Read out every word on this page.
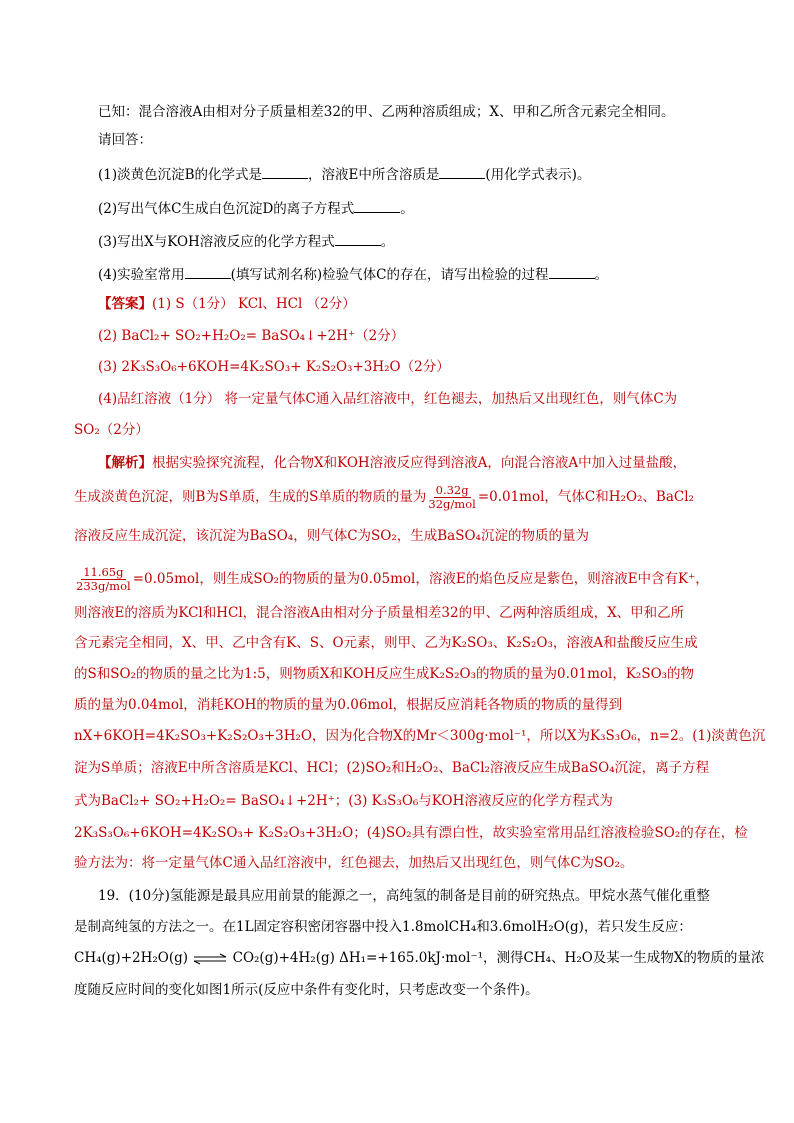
已知：混合溶液A由相对分子质量相差32的甲、乙两种溶质组成；X、甲和乙所含元素完全相同。
请回答：
(1)淡黄色沉淀B的化学式是	，溶液E中所含溶质是	(用化学式表示)。
(2)写出气体C生成白色沉淀D的离子方程式	。
(3)写出X与KOH溶液反应的化学方程式	。
(4)实验室常用	(填写试剂名称)检验气体C的存在，请写出检验的过程	。
【答案】(1) S（1分） KCl、HCl （2分）
(2) BaCl₂+ SO₂+H₂O₂= BaSO₄↓+2H⁺（2分）
(3) 2K₃S₃O₆+6KOH=4K₂SO₃+ K₂S₂O₃+3H₂O（2分）
(4)品红溶液（1分） 将一定量气体C通入品红溶液中，红色褪去，加热后又出现红色，则气体C为
SO₂（2分）
【解析】根据实验探究流程，化合物X和KOH溶液反应得到溶液A，向混合溶液A中加入过量盐酸，
生成淡黄色沉淀，则B为S单质，生成的S单质的物质的量为 $\frac{0.32g}{\text{32g/mol}} =0.01mol$，气体C和H₂O₂、BaCl₂
溶液反应生成沉淀，该沉淀为BaSO₄，则气体C为SO₂，生成BaSO₄沉淀的物质的量为
$\frac{11.65g}{\text{233g/mol}} =0.05mol$，则生成SO₂的物质的量为0.05mol，溶液E的焰色反应是紫色，则溶液E中含有K⁺，
则溶液E的溶质为KCl和HCl，混合溶液A由相对分子质量相差32的甲、乙两种溶质组成，X、甲和乙所
含元素完全相同，X、甲、乙中含有K、S、O元素，则甲、乙为K₂SO₃、K₂S₂O₃，溶液A和盐酸反应生成
的S和SO₂的物质的量之比为1:5，则物质X和KOH反应生成K₂S₂O₃的物质的量为0.01mol，K₂SO₃的物
质的量为0.04mol，消耗KOH的物质的量为0.06mol，根据反应消耗各物质的物质的量得到
nX+6KOH=4K₂SO₃+K₂S₂O₃+3H₂O，因为化合物X的Mr＜300g·mol⁻¹，所以X为K₃S₃O₆，n=2。(1)淡黄色沉
淀为S单质；溶液E中所含溶质是KCl、HCl；(2)SO₂和H₂O₂、BaCl₂溶液反应生成BaSO₄沉淀，离子方程
式为BaCl₂+ SO₂+H₂O₂= BaSO₄↓+2H⁺；(3) K₃S₃O₆与KOH溶液反应的化学方程式为
2K₃S₃O₆+6KOH=4K₂SO₃+ K₂S₂O₃+3H₂O；(4)SO₂具有漂白性，故实验室常用品红溶液检验SO₂的存在，检
验方法为：将一定量气体C通入品红溶液中，红色褪去，加热后又出现红色，则气体C为SO₂。
19．(10分)氢能源是最具应用前景的能源之一，高纯氢的制备是目前的研究热点。甲烷水蒸气催化重整
是制高纯氢的方法之一。在1L固定容积密闭容器中投入1.8molCH₄和3.6molH₂O(g)，若只发生反应：
CH₄(g)+2H₂O(g) ⇌ CO₂(g)+4H₂(g) ΔH₁=+165.0kJ·mol⁻¹，测得CH₄、H₂O及某一生成物X的物质的量浓
度随反应时间的变化如图1所示(反应中条件有变化时，只考虑改变一个条件)。
